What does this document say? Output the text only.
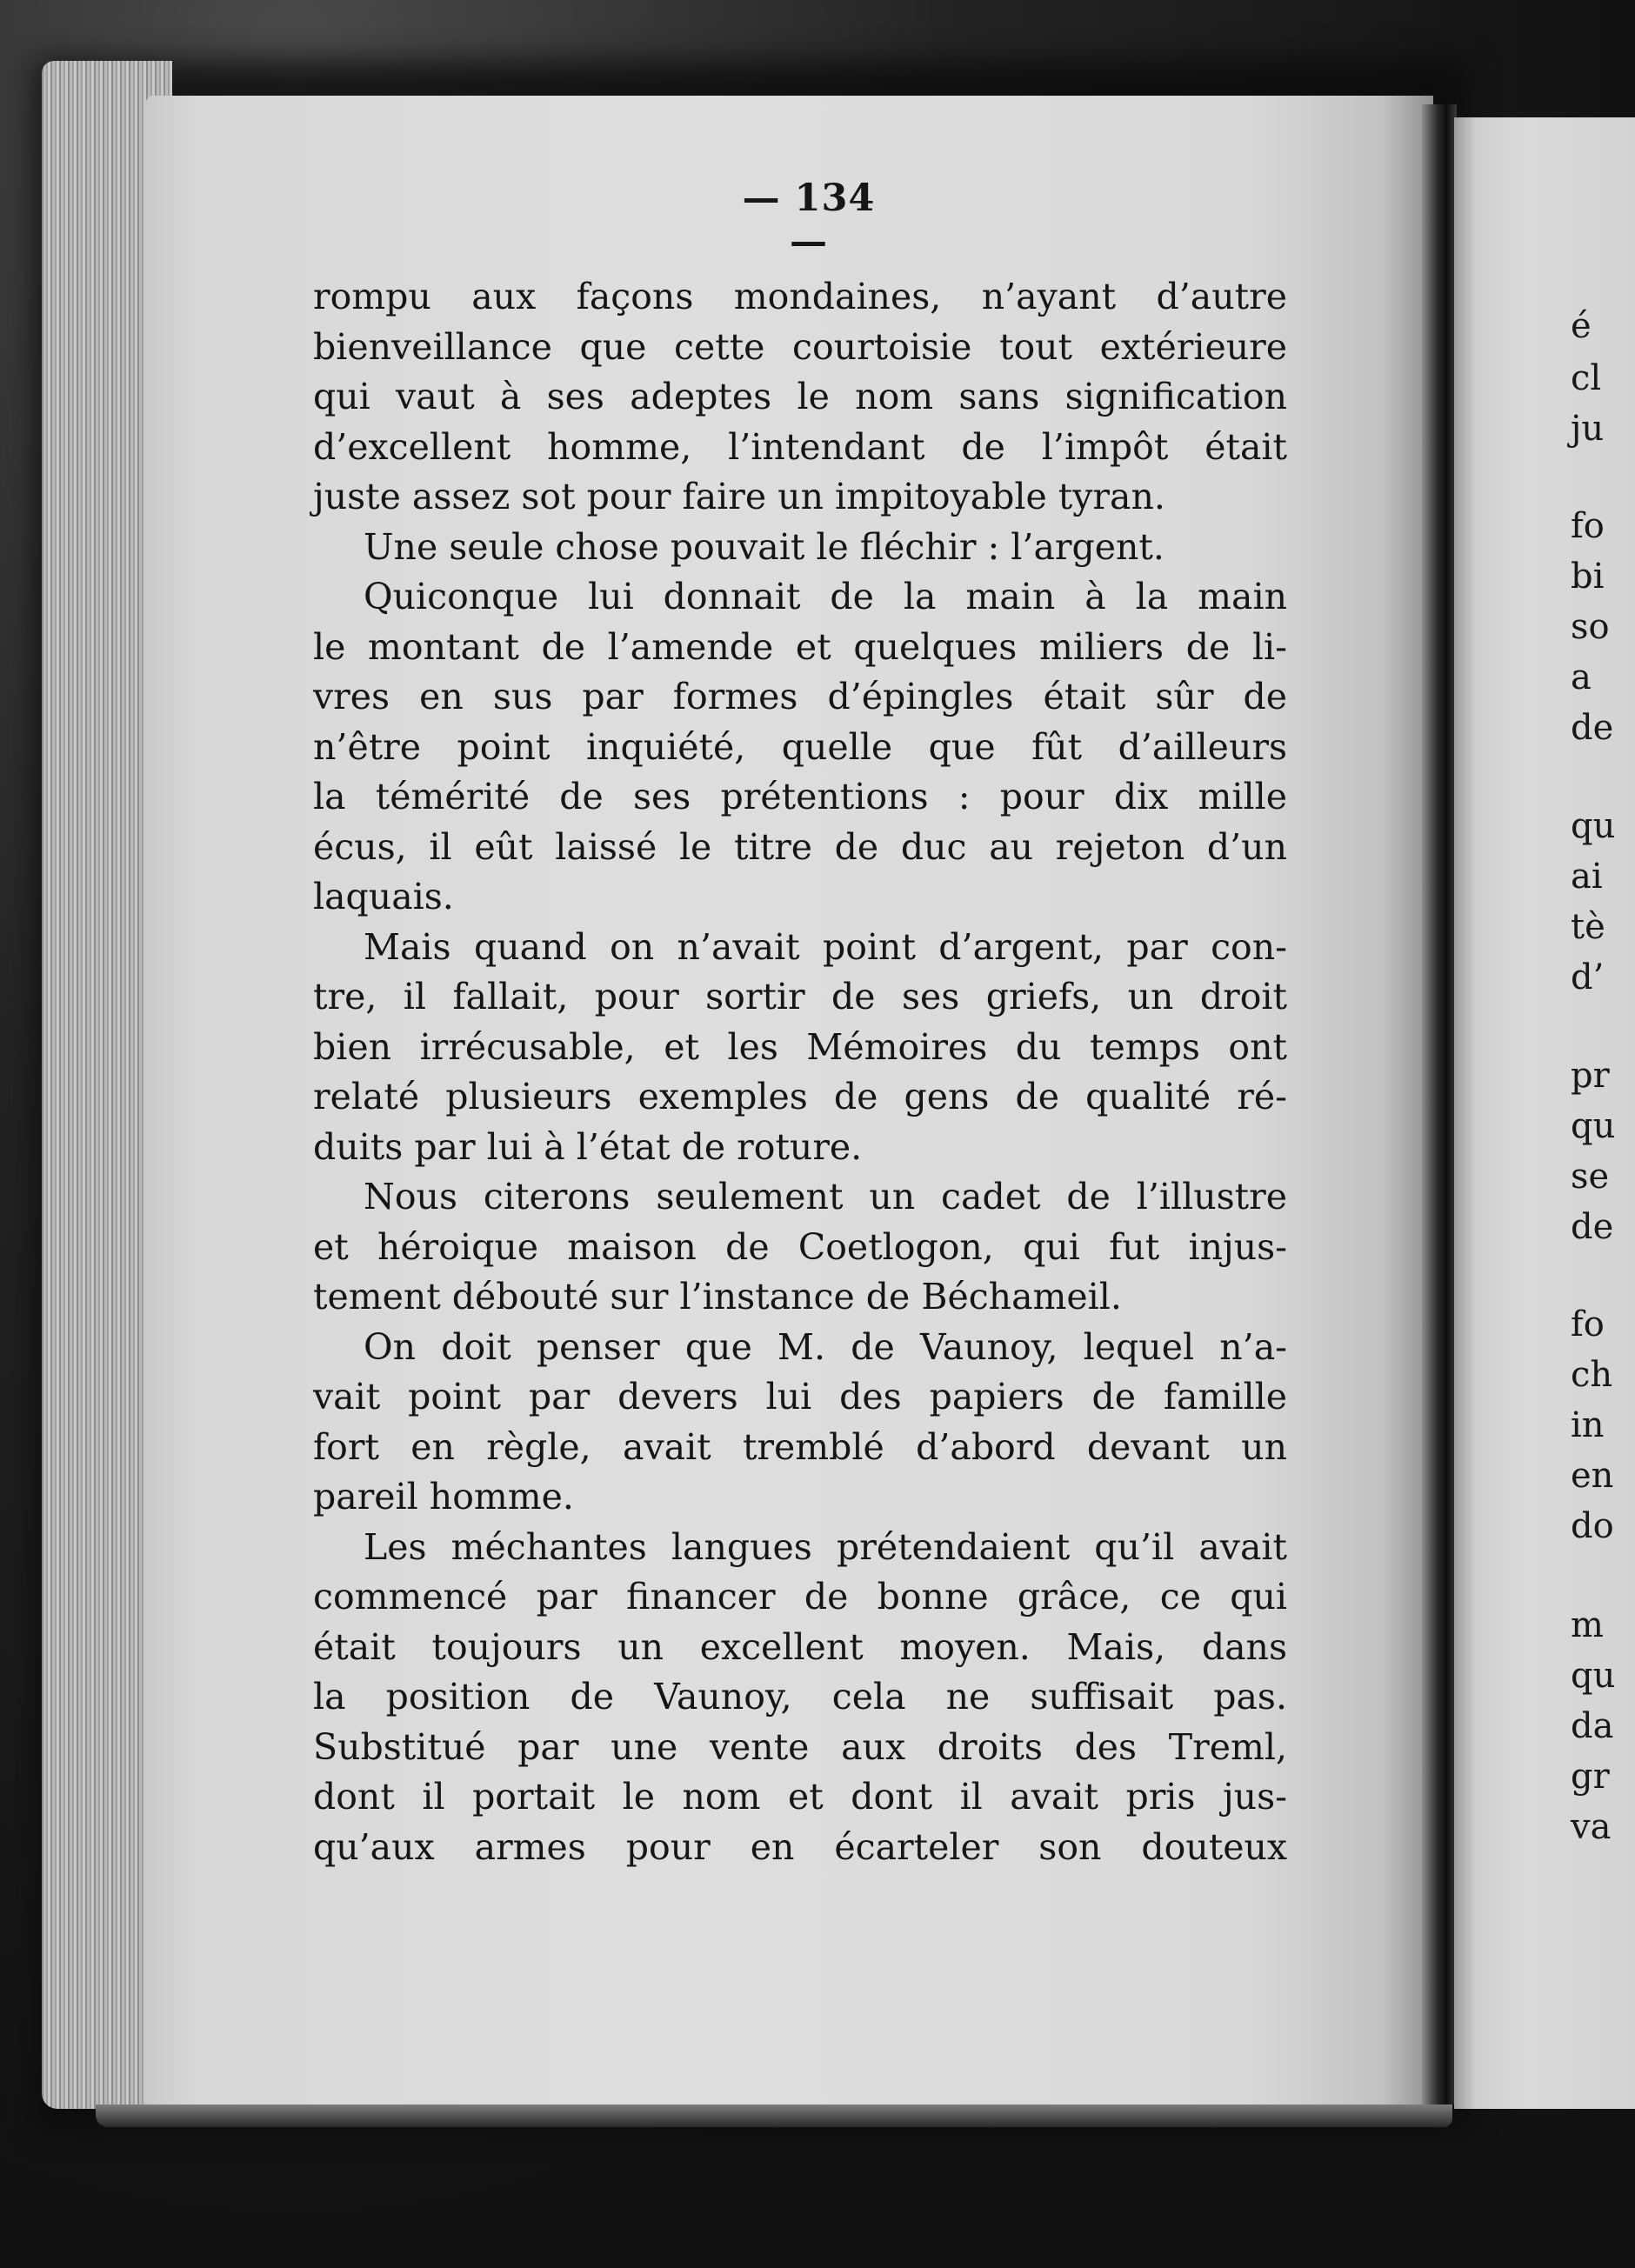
— 134 —
rompu aux façons mondaines, n’ayant d’autre
bienveillance que cette courtoisie tout extérieure
qui vaut à ses adeptes le nom sans signification
d’excellent homme, l’intendant de l’impôt était
juste assez sot pour faire un impitoyable tyran.
Une seule chose pouvait le fléchir : l’argent.
Quiconque lui donnait de la main à la main
le montant de l’amende et quelques miliers de li-
vres en sus par formes d’épingles était sûr de
n’être point inquiété, quelle que fût d’ailleurs
la témérité de ses prétentions : pour dix mille
écus, il eût laissé le titre de duc au rejeton d’un
laquais.
Mais quand on n’avait point d’argent, par con-
tre, il fallait, pour sortir de ses griefs, un droit
bien irrécusable, et les Mémoires du temps ont
relaté plusieurs exemples de gens de qualité ré-
duits par lui à l’état de roture.
Nous citerons seulement un cadet de l’illustre
et héroique maison de Coetlogon, qui fut injus-
tement débouté sur l’instance de Béchameil.
On doit penser que M. de Vaunoy, lequel n’a-
vait point par devers lui des papiers de famille
fort en règle, avait tremblé d’abord devant un
pareil homme.
Les méchantes langues prétendaient qu’il avait
commencé par financer de bonne grâce, ce qui
était toujours un excellent moyen. Mais, dans
la position de Vaunoy, cela ne suffisait pas.
Substitué par une vente aux droits des Treml,
dont il portait le nom et dont il avait pris jus-
qu’aux armes pour en écarteler son douteux
é
cl
ju
fo
bi
so
a
de
qu
ai
tè
d’
pr
qu
se
de
fo
ch
in
en
do
m
qu
da
gr
va
